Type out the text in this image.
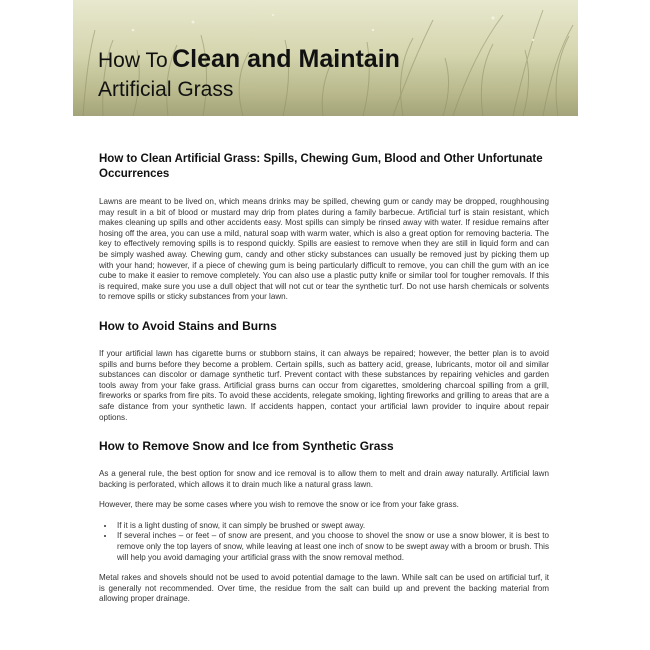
How To Clean and Maintain
Artificial Grass
How to Clean Artificial Grass: Spills, Chewing Gum, Blood and Other Unfortunate Occurrences

Lawns are meant to be lived on, which means drinks may be spilled, chewing gum or candy may be dropped, roughhousing may result in a bit of blood or mustard may drip from plates during a family barbecue. Artificial turf is stain resistant, which makes cleaning up spills and other accidents easy. Most spills can simply be rinsed away with water. If residue remains after hosing off the area, you can use a mild, natural soap with warm water, which is also a great option for removing bacteria. The key to effectively removing spills is to respond quickly. Spills are easiest to remove when they are still in liquid form and can be simply washed away. Chewing gum, candy and other sticky substances can usually be removed just by picking them up with your hand; however, if a piece of chewing gum is being particularly difficult to remove, you can chill the gum with an ice cube to make it easier to remove completely. You can also use a plastic putty knife or similar tool for tougher removals. If this is required, make sure you use a dull object that will not cut or tear the synthetic turf. Do not use harsh chemicals or solvents to remove spills or sticky substances from your lawn.

How to Avoid Stains and Burns

If your artificial lawn has cigarette burns or stubborn stains, it can always be repaired; however, the better plan is to avoid spills and burns before they become a problem. Certain spills, such as battery acid, grease, lubricants, motor oil and similar substances can discolor or damage synthetic turf. Prevent contact with these substances by repairing vehicles and garden tools away from your fake grass. Artificial grass burns can occur from cigarettes, smoldering charcoal spilling from a grill, fireworks or sparks from fire pits. To avoid these accidents, relegate smoking, lighting fireworks and grilling to areas that are a safe distance from your synthetic lawn. If accidents happen, contact your artificial lawn provider to inquire about repair options.

How to Remove Snow and Ice from Synthetic Grass

As a general rule, the best option for snow and ice removal is to allow them to melt and drain away naturally. Artificial lawn backing is perforated, which allows it to drain much like a natural grass lawn.

However, there may be some cases where you wish to remove the snow or ice from your fake grass.

• If it is a light dusting of snow, it can simply be brushed or swept away.
• If several inches – or feet – of snow are present, and you choose to shovel the snow or use a snow blower, it is best to remove only the top layers of snow, while leaving at least one inch of snow to be swept away with a broom or brush. This will help you avoid damaging your artificial grass with the snow removal method.

Metal rakes and shovels should not be used to avoid potential damage to the lawn. While salt can be used on artificial turf, it is generally not recommended. Over time, the residue from the salt can build up and prevent the backing material from allowing proper drainage.
